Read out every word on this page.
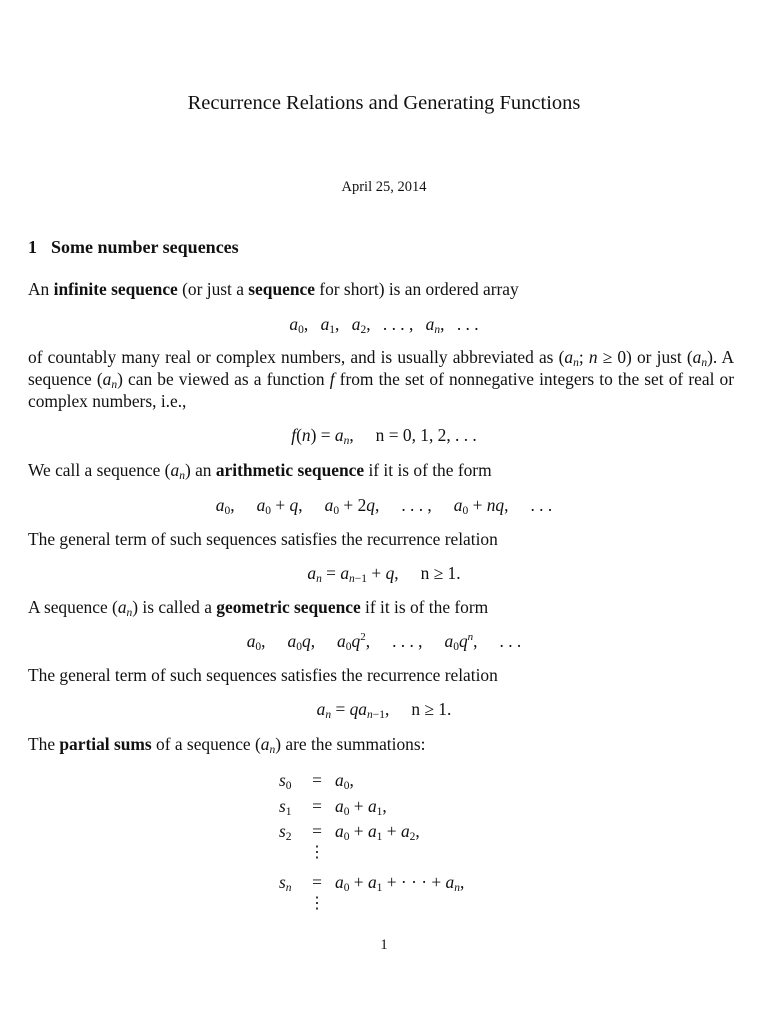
Recurrence Relations and Generating Functions
April 25, 2014
1 Some number sequences
An infinite sequence (or just a sequence for short) is an ordered array
$a_0$, $a_1$, $a_2$, . . . , $a_n$, . . .
of countably many real or complex numbers, and is usually abbreviated as ($a_n$; n ≥ 0) or just $(a_n)$. A sequence $(a_n)$ can be viewed as a function f from the set of nonnegative integers to the set of real or complex numbers, i.e.,
$f(n) = a_n$, n = 0, 1, 2, . . .
We call a sequence $(a_n)$ an arithmetic sequence if it is of the form
$a_0$, $a_0 + q$, $a_0 + 2q$, . . . , $a_0$ + nq, . . .
The general term of such sequences satisfies the recurrence relation
$a_n = a_{n-1} + q$, n ≥ 1.
A sequence $(a_n)$ is called a geometric sequence if it is of the form
$a_0$, $a_0q$, $a_0q^2$, . . . , $a_0q^n$, . . .
The general term of such sequences satisfies the recurrence relation
$a_n = qa_{n-1}$, n ≥ 1.
The partial sums of a sequence $(a_n)$ are the summations:
$s_0$	= $a_0$,
$s_1$	= $a_0 + a_1$,
$s_2$	= $a_0 + a_1 + a_2$,
⋮
$s_n$	= $a_0 + a_1$ + · · · + $a_n$,
⋮
1
